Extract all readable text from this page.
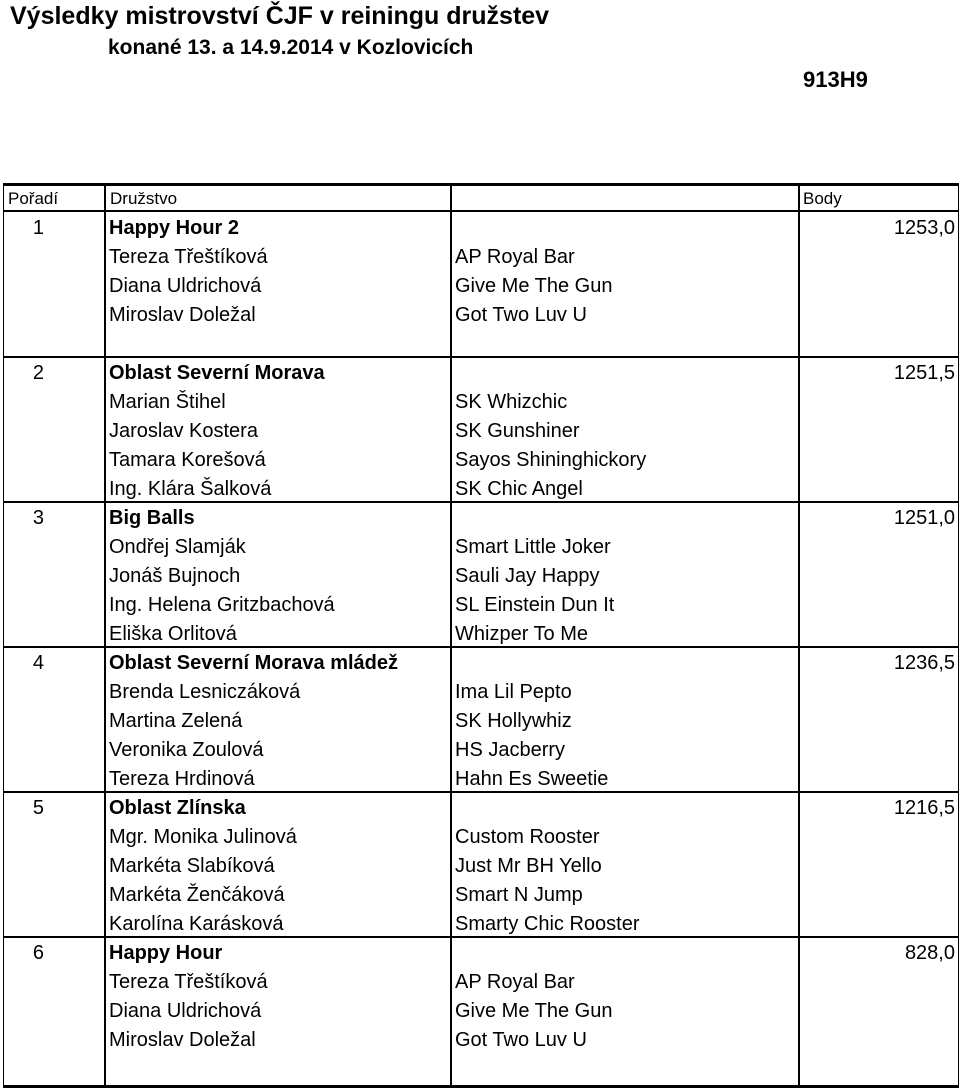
Výsledky mistrovství ČJF v reiningu družstev
konané 13. a 14.9.2014 v Kozlovicích
913H9
Pořadí	Družstvo	Body
1	Happy Hour 2	1253,0
Tereza Třeštíková	AP Royal Bar
Diana Uldrichová	Give Me The Gun
Miroslav Doležal	Got Two Luv U
2	Oblast Severní Morava	1251,5
Marian Štihel	SK Whizchic
Jaroslav Kostera	SK Gunshiner
Tamara Korešová	Sayos Shininghickory
Ing. Klára Šalková	SK Chic Angel
3	Big Balls	1251,0
Ondřej Slamják	Smart Little Joker
Jonáš Bujnoch	Sauli Jay Happy
Ing. Helena Gritzbachová	SL Einstein Dun It
Eliška Orlitová	Whizper To Me
4	Oblast Severní Morava mládež	1236,5
Brenda Lesniczáková	Ima Lil Pepto
Martina Zelená	SK Hollywhiz
Veronika Zoulová	HS Jacberry
Tereza Hrdinová	Hahn Es Sweetie
5	Oblast Zlínska	1216,5
Mgr. Monika Julinová	Custom Rooster
Markéta Slabíková	Just Mr BH Yello
Markéta Ženčáková	Smart N Jump
Karolína Karásková	Smarty Chic Rooster
6	Happy Hour	828,0
Tereza Třeštíková	AP Royal Bar
Diana Uldrichová	Give Me The Gun
Miroslav Doležal	Got Two Luv U
